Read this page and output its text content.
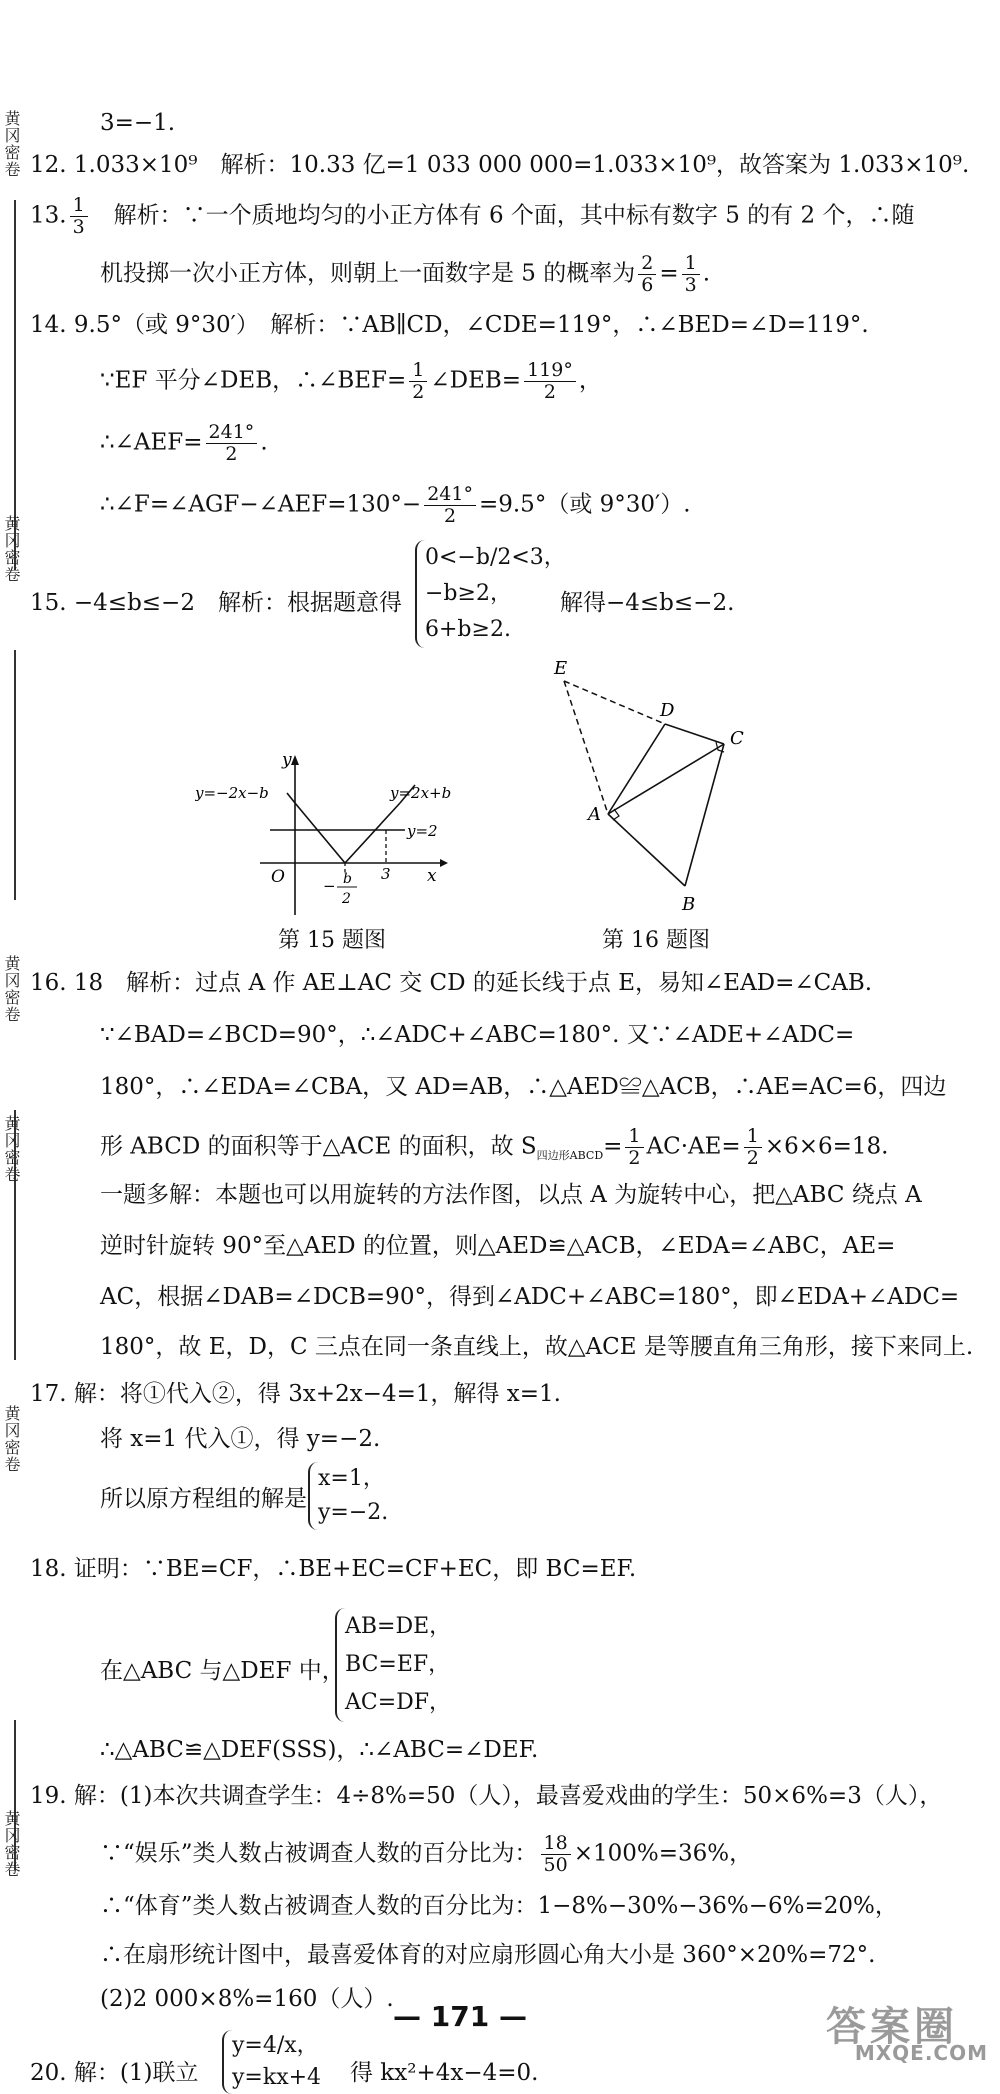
黄冈密卷
黄冈密卷
黄冈密卷
黄冈密卷
黄冈密卷
黄冈密卷
3=−1.
12. 1.033×10⁹　解析：10.33 亿=1 033 000 000=1.033×10⁹，故答案为 1.033×10⁹.
13. $\frac{1}{3}$ 　解析：∵一个质地均匀的小正方体有 6 个面，其中标有数字 5 的有 2 个，∴随
机投掷一次小正方体，则朝上一面数字是 5 的概率为 $\frac{2}{6} = \frac{1}{3}$ .
14. 9.5°（或 9°30′）　解析：∵AB∥CD，∠CDE=119°，∴∠BED=∠D=119°.
∵EF 平分∠DEB，∴∠BEF= $\frac{1}{2}$ ∠DEB= $\frac{119^\circ}{2}$ ，
∴∠AEF= $\frac{241^\circ}{2}$ .
∴∠F=∠AGF−∠AEF=130°− $\frac{241^\circ}{2} =9.5^\circ$（或 9°30′）.
15. −4≤b≤−2　解析：根据题意得
0<−b/2<3，
−b≥2，
6+b≥2.
解得−4≤b≤−2.
y
x
O
y=−2x−b	y=2x+b
y=2
3
− b
2
第 15 题图
E
D
C
A
B
第 16 题图
16. 18　解析：过点 A 作 AE⊥AC 交 CD 的延长线于点 E，易知∠EAD=∠CAB.
∵∠BAD=∠BCD=90°，∴∠ADC+∠ABC=180°. 又∵∠ADE+∠ADC=
180°，∴∠EDA=∠CBA，又 AD=AB，∴△AED≌△ACB，∴AE=AC=6，四边
形 ABCD 的面积等于△ACE 的面积，故 $S_{四边形ABCD}= \frac{1}{2} AC\cdot AE= \frac{1}{2} \times 6\times 6=18$.
一题多解：本题也可以用旋转的方法作图，以点 A 为旋转中心，把△ABC 绕点 A
逆时针旋转 90°至△AED 的位置，则△AED≌△ACB，∠EDA=∠ABC，AE=
AC，根据∠DAB=∠DCB=90°，得到∠ADC+∠ABC=180°，即∠EDA+∠ADC=
180°，故 E，D，C 三点在同一条直线上，故△ACE 是等腰直角三角形，接下来同上.
17. 解：将①代入②，得 3x+2x−4=1，解得 x=1.
将 x=1 代入①，得 y=−2.
所以原方程组的解是
x=1，
y=−2.
18. 证明：∵BE=CF，∴BE+EC=CF+EC，即 BC=EF.
在△ABC 与△DEF 中，
AB=DE，
BC=EF，
AC=DF，
∴△ABC≌△DEF(SSS)，∴∠ABC=∠DEF.
19. 解：(1)本次共调查学生：4÷8%=50（人），最喜爱戏曲的学生：50×6%=3（人），
∵“娱乐”类人数占被调查人数的百分比为： $\frac{18}{50} \times 100\%=36\%$，
∴“体育”类人数占被调查人数的百分比为：1−8%−30%−36%−6%=20%，
∴在扇形统计图中，最喜爱体育的对应扇形圆心角大小是 360°×20%=72°.
(2)2 000×8%=160（人）.
20. 解：(1)联立
y=4/x，
y=kx+4 得 kx²+4x−4=0.
— 171 —	答案圈
MXQE.COM
